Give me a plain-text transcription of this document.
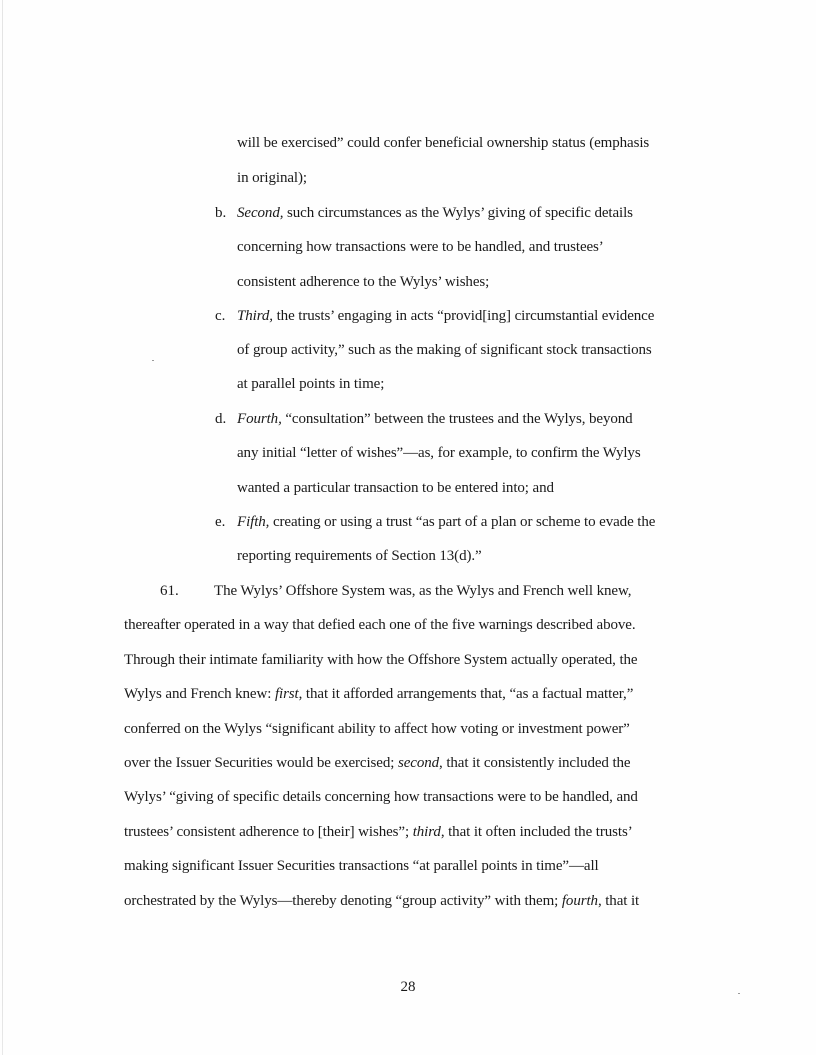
will be exercised” could confer beneficial ownership status (emphasis
in original);
b. Second, such circumstances as the Wylys’ giving of specific details
concerning how transactions were to be handled, and trustees’
consistent adherence to the Wylys’ wishes;
c. Third, the trusts’ engaging in acts “provid[ing] circumstantial evidence
of group activity,” such as the making of significant stock transactions
at parallel points in time;
d. Fourth, “consultation” between the trustees and the Wylys, beyond
any initial “letter of wishes”—as, for example, to confirm the Wylys
wanted a particular transaction to be entered into; and
e. Fifth, creating or using a trust “as part of a plan or scheme to evade the
reporting requirements of Section 13(d).”
61. The Wylys’ Offshore System was, as the Wylys and French well knew,
thereafter operated in a way that defied each one of the five warnings described above.
Through their intimate familiarity with how the Offshore System actually operated, the
Wylys and French knew: first, that it afforded arrangements that, “as a factual matter,”
conferred on the Wylys “significant ability to affect how voting or investment power”
over the Issuer Securities would be exercised; second, that it consistently included the
Wylys’ “giving of specific details concerning how transactions were to be handled, and
trustees’ consistent adherence to [their] wishes”; third, that it often included the trusts’
making significant Issuer Securities transactions “at parallel points in time”—all
orchestrated by the Wylys—thereby denoting “group activity” with them; fourth, that it
28
